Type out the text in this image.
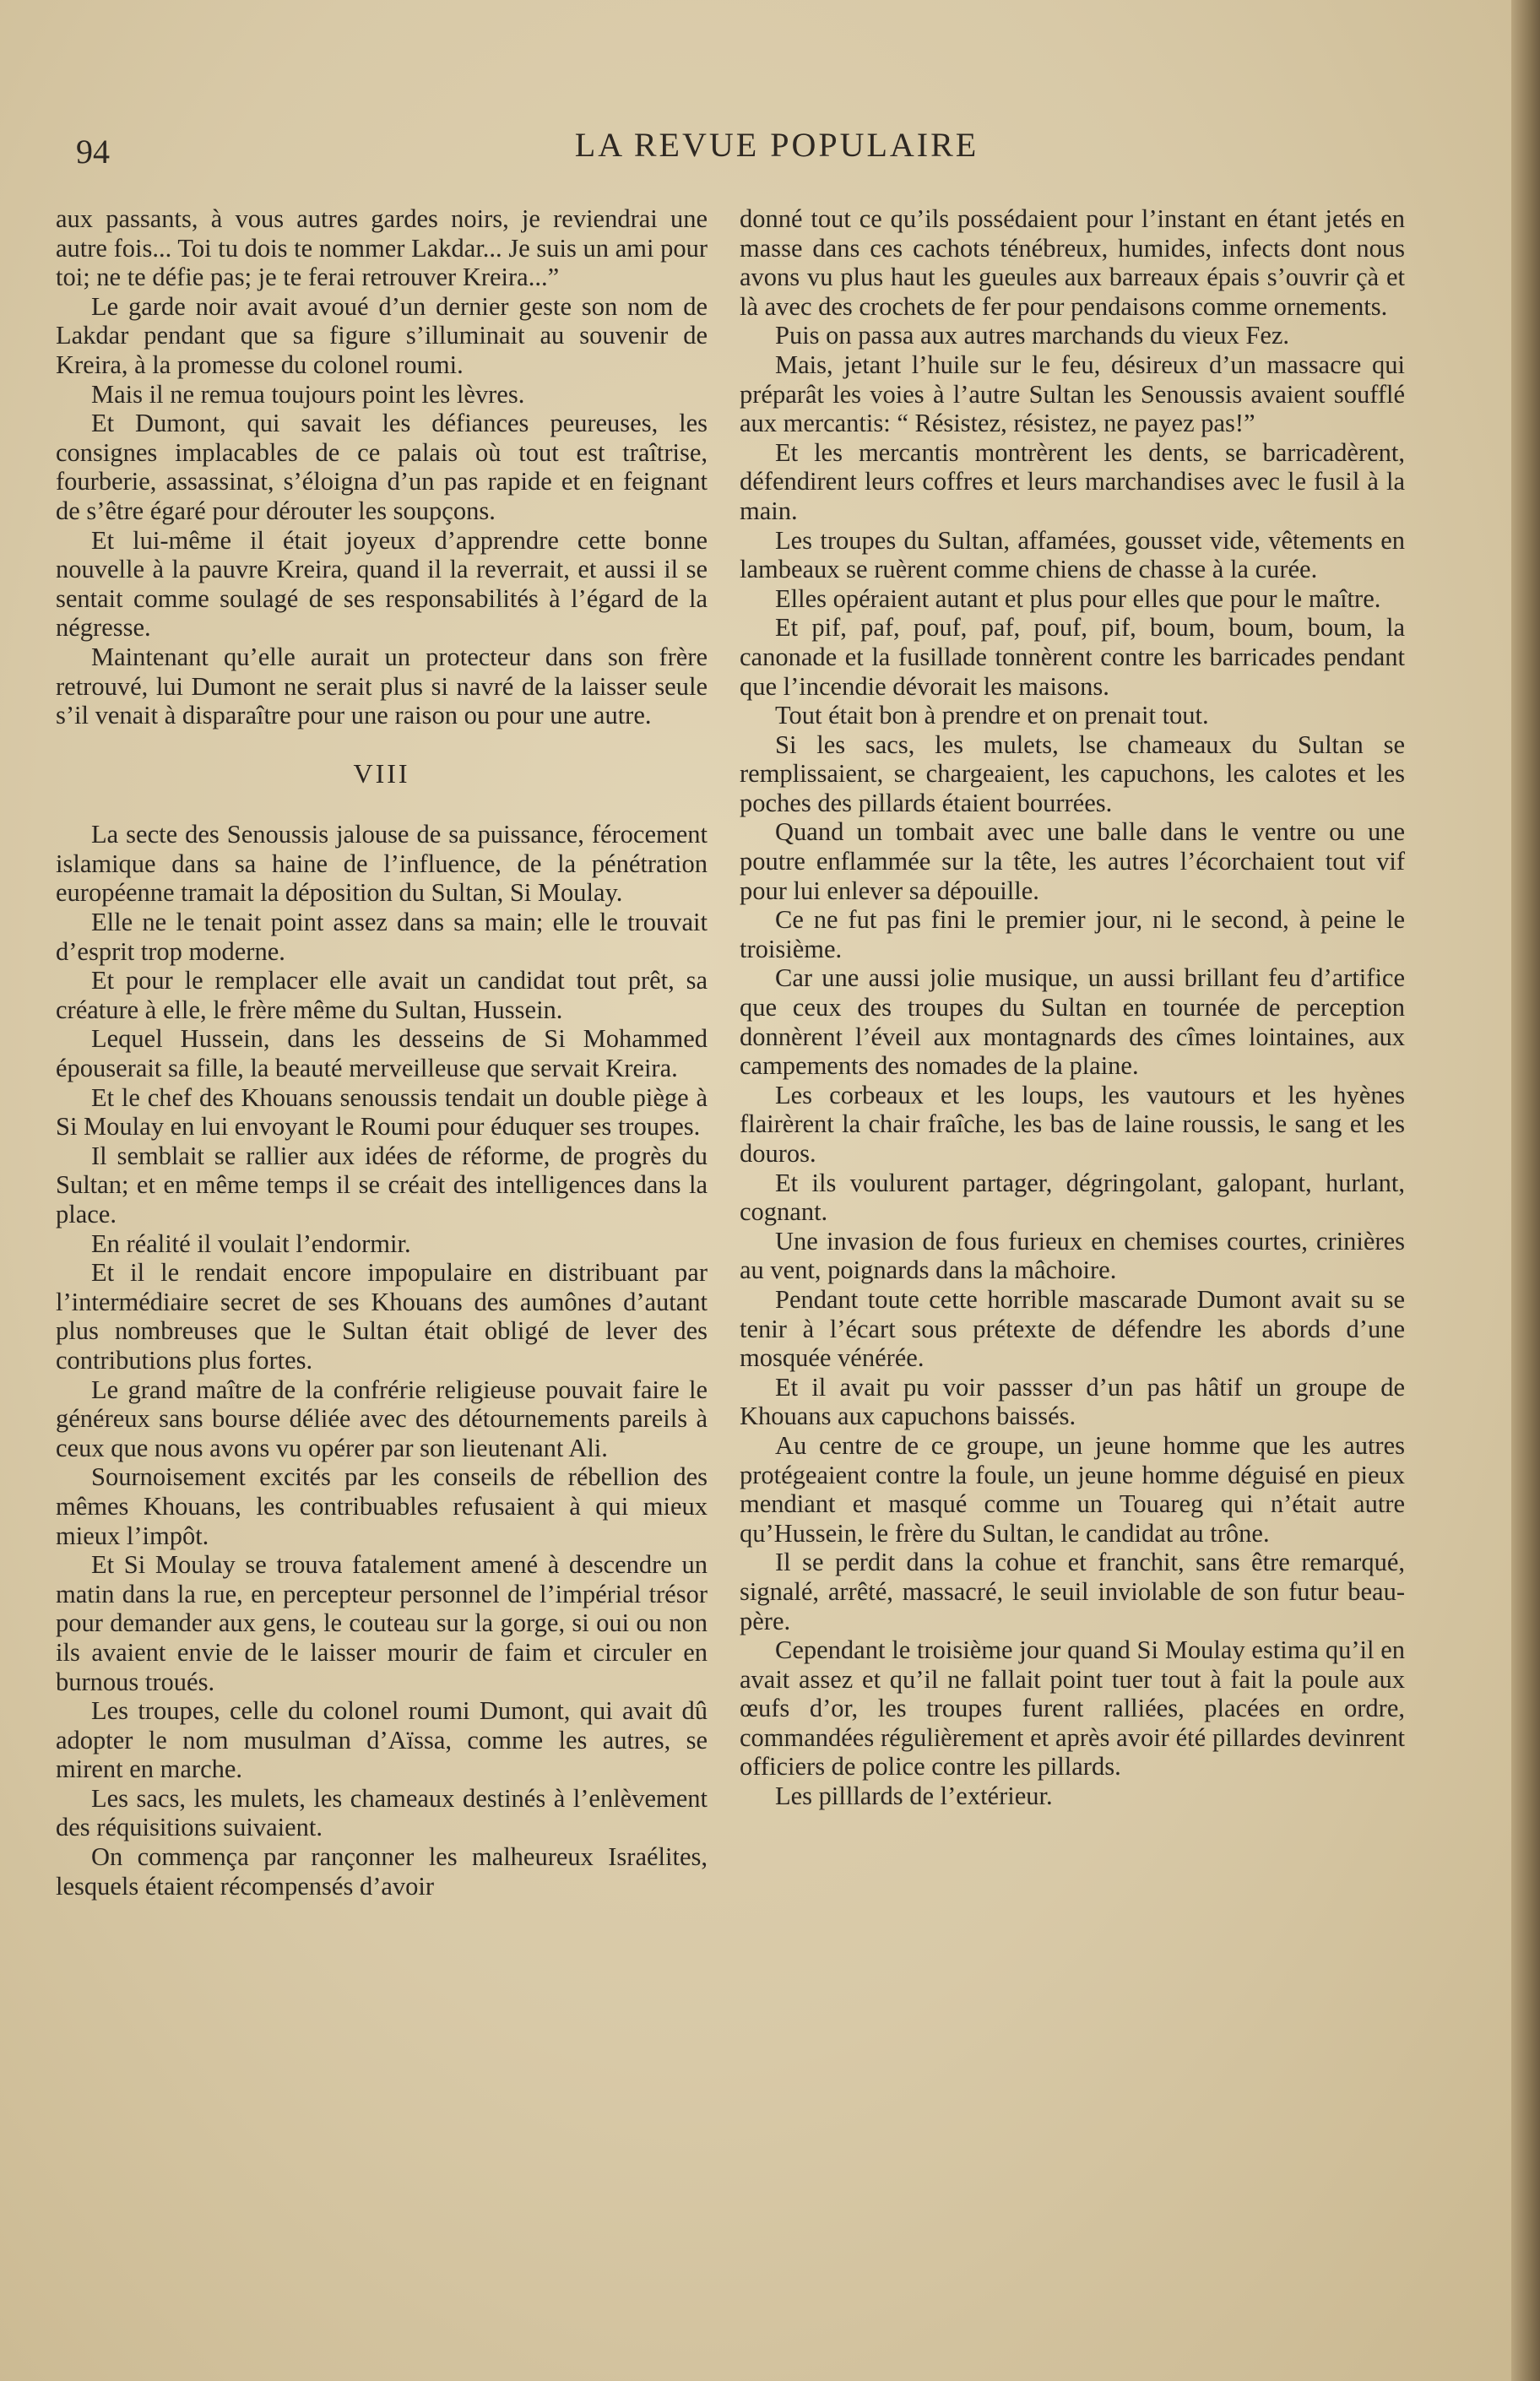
94	LA REVUE POPULAIRE

aux passants, à vous autres gardes noirs, je reviendrai une autre fois... Toi tu dois te nommer Lakdar... Je suis un ami pour toi; ne te défie pas; je te ferai retrouver Kreira...”

Le garde noir avait avoué d’un dernier geste son nom de Lakdar pendant que sa figure s’illuminait au souvenir de Kreira, à la promesse du colonel roumi.

Mais il ne remua toujours point les lèvres.

Et Dumont, qui savait les défiances peureuses, les consignes implacables de ce palais où tout est traîtrise, fourberie, assassinat, s’éloigna d’un pas rapide et en feignant de s’être égaré pour dérouter les soupçons.

Et lui-même il était joyeux d’apprendre cette bonne nouvelle à la pauvre Kreira, quand il la reverrait, et aussi il se sentait comme soulagé de ses responsabilités à l’égard de la négresse.

Maintenant qu’elle aurait un protecteur dans son frère retrouvé, lui Dumont ne serait plus si navré de la laisser seule s’il venait à disparaître pour une raison ou pour une autre.

VIII

La secte des Senoussis jalouse de sa puissance, férocement islamique dans sa haine de l’influence, de la pénétration européenne tramait la déposition du Sultan, Si Moulay.

Elle ne le tenait point assez dans sa main; elle le trouvait d’esprit trop moderne.

Et pour le remplacer elle avait un candidat tout prêt, sa créature à elle, le frère même du Sultan, Hussein.

Lequel Hussein, dans les desseins de Si Mohammed épouserait sa fille, la beauté merveilleuse que servait Kreira.

Et le chef des Khouans senoussis tendait un double piège à Si Moulay en lui envoyant le Roumi pour éduquer ses troupes.

Il semblait se rallier aux idées de réforme, de progrès du Sultan; et en même temps il se créait des intelligences dans la place.

En réalité il voulait l’endormir.

Et il le rendait encore impopulaire en distribuant par l’intermédiaire secret de ses Khouans des aumônes d’autant plus nombreuses que le Sultan était obligé de lever des contributions plus fortes.

Le grand maître de la confrérie religieuse pouvait faire le généreux sans bourse déliée avec des détournements pareils à ceux que nous avons vu opérer par son lieutenant Ali.

Sournoisement excités par les conseils de rébellion des mêmes Khouans, les contribuables refusaient à qui mieux mieux l’impôt.

Et Si Moulay se trouva fatalement amené à descendre un matin dans la rue, en percepteur personnel de l’impérial trésor pour demander aux gens, le couteau sur la gorge, si oui ou non ils avaient envie de le laisser mourir de faim et circuler en burnous troués.

Les troupes, celle du colonel roumi Dumont, qui avait dû adopter le nom musulman d’Aïssa, comme les autres, se mirent en marche.

Les sacs, les mulets, les chameaux destinés à l’enlèvement des réquisitions suivaient.

On commença par rançonner les malheureux Israélites, lesquels étaient récompensés d’avoir

donné tout ce qu’ils possédaient pour l’instant en étant jetés en masse dans ces cachots ténébreux, humides, infects dont nous avons vu plus haut les gueules aux barreaux épais s’ouvrir çà et là avec des crochets de fer pour pendaisons comme ornements.

Puis on passa aux autres marchands du vieux Fez.

Mais, jetant l’huile sur le feu, désireux d’un massacre qui préparât les voies à l’autre Sultan les Senoussis avaient soufflé aux mercantis: “ Résistez, résistez, ne payez pas!”

Et les mercantis montrèrent les dents, se barricadèrent, défendirent leurs coffres et leurs marchandises avec le fusil à la main.

Les troupes du Sultan, affamées, gousset vide, vêtements en lambeaux se ruèrent comme chiens de chasse à la curée.

Elles opéraient autant et plus pour elles que pour le maître.

Et pif, paf, pouf, paf, pouf, pif, boum, boum, boum, la canonade et la fusillade tonnèrent contre les barricades pendant que l’incendie dévorait les maisons.

Tout était bon à prendre et on prenait tout.

Si les sacs, les mulets, lse chameaux du Sultan se remplissaient, se chargeaient, les capuchons, les calotes et les poches des pillards étaient bourrées.

Quand un tombait avec une balle dans le ventre ou une poutre enflammée sur la tête, les autres l’écorchaient tout vif pour lui enlever sa dépouille.

Ce ne fut pas fini le premier jour, ni le second, à peine le troisième.

Car une aussi jolie musique, un aussi brillant feu d’artifice que ceux des troupes du Sultan en tournée de perception donnèrent l’éveil aux montagnards des cîmes lointaines, aux campements des nomades de la plaine.

Les corbeaux et les loups, les vautours et les hyènes flairèrent la chair fraîche, les bas de laine roussis, le sang et les douros.

Et ils voulurent partager, dégringolant, galopant, hurlant, cognant.

Une invasion de fous furieux en chemises courtes, crinières au vent, poignards dans la mâchoire.

Pendant toute cette horrible mascarade Dumont avait su se tenir à l’écart sous prétexte de défendre les abords d’une mosquée vénérée.

Et il avait pu voir passser d’un pas hâtif un groupe de Khouans aux capuchons baissés.

Au centre de ce groupe, un jeune homme que les autres protégeaient contre la foule, un jeune homme déguisé en pieux mendiant et masqué comme un Touareg qui n’était autre qu’Hussein, le frère du Sultan, le candidat au trône.

Il se perdit dans la cohue et franchit, sans être remarqué, signalé, arrêté, massacré, le seuil inviolable de son futur beau-père.

Cependant le troisième jour quand Si Moulay estima qu’il en avait assez et qu’il ne fallait point tuer tout à fait la poule aux œufs d’or, les troupes furent ralliées, placées en ordre, commandées régulièrement et après avoir été pillardes devinrent officiers de police contre les pillards.

Les pilllards de l’extérieur.
